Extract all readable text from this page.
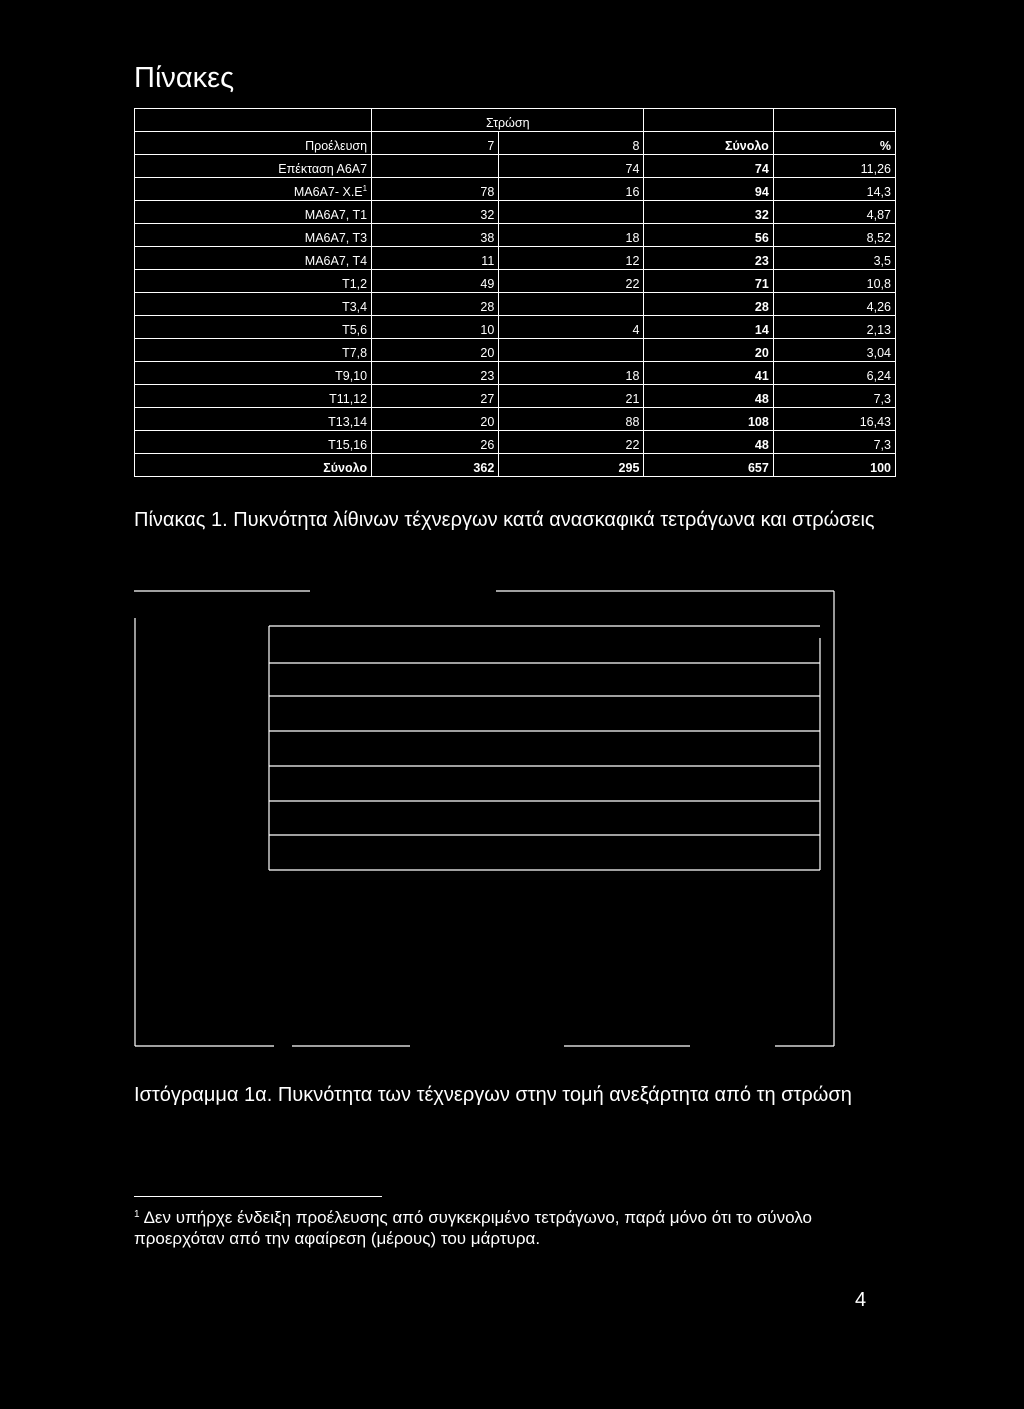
Πίνακες
	Στρώση			
Προέλευση	7	8	Σύνολο	%
Επέκταση Α6Α7		74	74	11,26
ΜΑ6Α7- $X.E^1$	78	16	94	14,3
ΜΑ6Α7, Τ1	32		32	4,87
ΜΑ6Α7, Τ3	38	18	56	8,52
ΜΑ6Α7, Τ4	11	12	23	3,5
Τ1,2	49	22	71	10,8
Τ3,4	28		28	4,26
Τ5,6	10	4	14	2,13
Τ7,8	20		20	3,04
Τ9,10	23	18	41	6,24
Τ11,12	27	21	48	7,3
Τ13,14	20	88	108	16,43
Τ15,16	26	22	48	7,3
Σύνολο	362	295	657	100

Πίνακας 1. Πυκνότητα λίθινων τέχνεργων κατά ανασκαφικά τετράγωνα και στρώσεις

Ιστόγραμμα 1α. Πυκνότητα των τέχνεργων στην τομή ανεξάρτητα από τη στρώση

$^1$ Δεν υπήρχε ένδειξη προέλευσης από συγκεκριμένο τετράγωνο, παρά μόνο ότι το σύνολο προερχόταν από την αφαίρεση (μέρους) του μάρτυρα.

4
